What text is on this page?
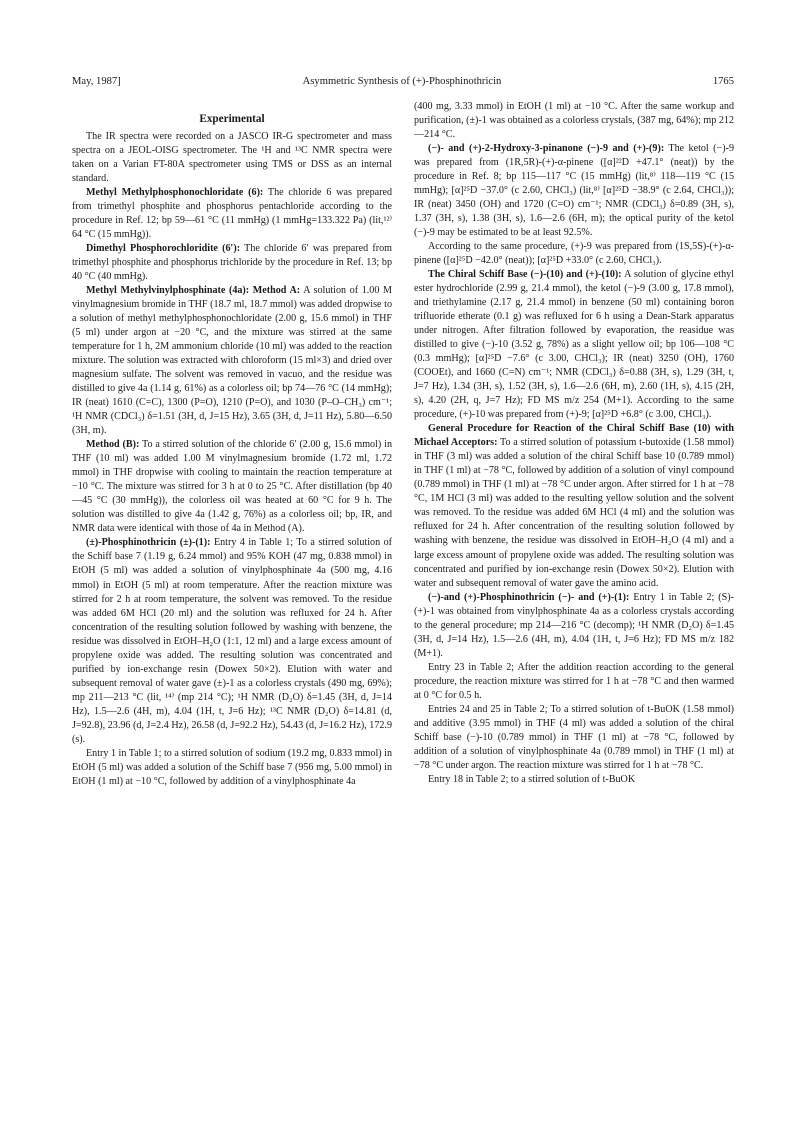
May, 1987]	Asymmetric Synthesis of (+)-Phosphinothricin	1765
Experimental

The IR spectra were recorded on a JASCO IR-G spectrometer and mass spectra on a JEOL-OISG spectrometer. The ¹H and ¹³C NMR spectra were taken on a Varian FT-80A spectrometer using TMS or DSS as an internal standard.

Methyl Methylphosphonochloridate (6): The chloride 6 was prepared from trimethyl phosphite and phosphorus pentachloride according to the procedure in Ref. 12; bp 59—61 °C (11 mmHg) (1 mmHg=133.322 Pa) (lit,¹²⁾ 64 °C (15 mmHg)).

Dimethyl Phosphorochloridite (6′): The chloride 6′ was prepared from trimethyl phosphite and phosphorus trichloride by the procedure in Ref. 13; bp 40 °C (40 mmHg).

Methyl Methylvinylphosphinate (4a): Method A: A solution of 1.00 M vinylmagnesium bromide in THF (18.7 ml, 18.7 mmol) was added dropwise to a solution of methyl methylphosphonochloridate (2.00 g, 15.6 mmol) in THF (5 ml) under argon at −20 °C, and the mixture was stirred at the same temperature for 1 h, 2M ammonium chloride (10 ml) was added to the reaction mixture. The solution was extracted with chloroform (15 ml×3) and dried over magnesium sulfate. The solvent was removed in vacuo, and the residue was distilled to give 4a (1.14 g, 61%) as a colorless oil; bp 74—76 °C (14 mmHg); IR (neat) 1610 (C=C), 1300 (P=O), 1210 (P=O), and 1030 (P–O–CH₃) cm⁻¹; ¹H NMR (CDCl₃) δ=1.51 (3H, d, J=15 Hz), 3.65 (3H, d, J=11 Hz), 5.80—6.50 (3H, m).

Method (B): To a stirred solution of the chloride 6′ (2.00 g, 15.6 mmol) in THF (10 ml) was added 1.00 M vinylmagnesium bromide (1.72 ml, 1.72 mmol) in THF dropwise with cooling to maintain the reaction temperature at −10 °C. The mixture was stirred for 3 h at 0 to 25 °C. After distillation (bp 40—45 °C (30 mmHg)), the colorless oil was heated at 60 °C for 9 h. The solution was distilled to give 4a (1.42 g, 76%) as a colorless oil; bp, IR, and NMR data were identical with those of 4a in Method (A).

(±)-Phosphinothricin (±)-(1): Entry 4 in Table 1; To a stirred solution of the Schiff base 7 (1.19 g, 6.24 mmol) and 95% KOH (47 mg, 0.838 mmol) in EtOH (5 ml) was added a solution of vinylphosphinate 4a (500 mg, 4.16 mmol) in EtOH (5 ml) at room temperature. After the reaction mixture was stirred for 2 h at room temperature, the solvent was removed. To the residue was added 6M HCl (20 ml) and the solution was refluxed for 24 h. After concentration of the resulting solution followed by washing with benzene, the residue was dissolved in EtOH–H₂O (1:1, 12 ml) and a large excess amount of propylene oxide was added. The resulting solution was concentrated and purified by ion-exchange resin (Dowex 50×2). Elution with water and subsequent removal of water gave (±)-1 as a colorless crystals (490 mg, 69%); mp 211—213 °C (lit, ¹⁴⁾ (mp 214 °C); ¹H NMR (D₂O) δ=1.45 (3H, d, J=14 Hz), 1.5—2.6 (4H, m), 4.04 (1H, t, J=6 Hz); ¹³C NMR (D₂O) δ=14.81 (d, J=92.8), 23.96 (d, J=2.4 Hz), 26.58 (d, J=92.2 Hz), 54.43 (d, J=16.2 Hz), 172.9 (s).

Entry 1 in Table 1; to a stirred solution of sodium (19.2 mg, 0.833 mmol) in EtOH (5 ml) was added a solution of the Schiff base 7 (956 mg, 5.00 mmol) in EtOH (1 ml) at −10 °C, followed by addition of a vinylphosphinate 4a

(400 mg, 3.33 mmol) in EtOH (1 ml) at −10 °C. After the same workup and purification, (±)-1 was obtained as a colorless crystals, (387 mg, 64%); mp 212—214 °C.

(−)- and (+)-2-Hydroxy-3-pinanone (−)-9 and (+)-(9): The ketol (−)-9 was prepared from (1R,5R)-(+)-α-pinene ([α]²²D +47.1° (neat)) by the procedure in Ref. 8; bp 115—117 °C (15 mmHg) (lit,⁸⁾ 118—119 °C (15 mmHg); [α]²⁵D −37.0° (c 2.60, CHCl₃) (lit,⁸⁾ [α]²⁵D −38.9° (c 2.64, CHCl₃)); IR (neat) 3450 (OH) and 1720 (C=O) cm⁻¹; NMR (CDCl₃) δ=0.89 (3H, s), 1.37 (3H, s), 1.38 (3H, s), 1.6—2.6 (6H, m); the optical purity of the ketol (−)-9 may be estimated to be at least 92.5%.

According to the same procedure, (+)-9 was prepared from (1S,5S)-(+)-α-pinene ([α]²⁵D −42.0° (neat)); [α]²⁵D +33.0° (c 2.60, CHCl₃).

The Chiral Schiff Base (−)-(10) and (+)-(10): A solution of glycine ethyl ester hydrochloride (2.99 g, 21.4 mmol), the ketol (−)-9 (3.00 g, 17.8 mmol), and triethylamine (2.17 g, 21.4 mmol) in benzene (50 ml) containing boron trifluoride etherate (0.1 g) was refluxed for 6 h using a Dean-Stark apparatus under nitrogen. After filtration followed by evaporation, the reasidue was distilled to give (−)-10 (3.52 g, 78%) as a slight yellow oil; bp 106—108 °C (0.3 mmHg); [α]²⁵D −7.6° (c 3.00, CHCl₃); IR (neat) 3250 (OH), 1760 (COOEt), and 1660 (C=N) cm⁻¹; NMR (CDCl₃) δ=0.88 (3H, s), 1.29 (3H, t, J=7 Hz), 1.34 (3H, s), 1.52 (3H, s), 1.6—2.6 (6H, m), 2.60 (1H, s), 4.15 (2H, s), 4.20 (2H, q, J=7 Hz); FD MS m/z 254 (M+1). According to the same procedure, (+)-10 was prepared from (+)-9; [α]²⁵D +6.8° (c 3.00, CHCl₃).

General Procedure for Reaction of the Chiral Schiff Base (10) with Michael Acceptors: To a stirred solution of potassium t-butoxide (1.58 mmol) in THF (3 ml) was added a solution of the chiral Schiff base 10 (0.789 mmol) in THF (1 ml) at −78 °C, followed by addition of a solution of vinyl compound (0.789 mmol) in THF (1 ml) at −78 °C under argon. After stirred for 1 h at −78 °C, 1M HCl (3 ml) was added to the resulting yellow solution and the solvent was removed. To the residue was added 6M HCl (4 ml) and the solution was refluxed for 24 h. After concentration of the resulting solution followed by washing with benzene, the residue was dissolved in EtOH–H₂O (4 ml) and a large excess amount of propylene oxide was added. The resulting solution was concentrated and purified by ion-exchange resin (Dowex 50×2). Elution with water and subsequent removal of water gave the amino acid.

(−)-and (+)-Phosphinothricin (−)- and (+)-(1): Entry 1 in Table 2; (S)-(+)-1 was obtained from vinylphosphinate 4a as a colorless crystals according to the general procedure; mp 214—216 °C (decomp); ¹H NMR (D₂O) δ=1.45 (3H, d, J=14 Hz), 1.5—2.6 (4H, m), 4.04 (1H, t, J=6 Hz); FD MS m/z 182 (M+1).

Entry 23 in Table 2; After the addition reaction according to the general procedure, the reaction mixture was stirred for 1 h at −78 °C and then warmed at 0 °C for 0.5 h.

Entries 24 and 25 in Table 2; To a stirred solution of t-BuOK (1.58 mmol) and additive (3.95 mmol) in THF (4 ml) was added a solution of the chiral Schiff base (−)-10 (0.789 mmol) in THF (1 ml) at −78 °C, followed by addition of a solution of vinylphosphinate 4a (0.789 mmol) in THF (1 ml) at −78 °C under argon. The reaction mixture was stirred for 1 h at −78 °C.

Entry 18 in Table 2; to a stirred solution of t-BuOK
